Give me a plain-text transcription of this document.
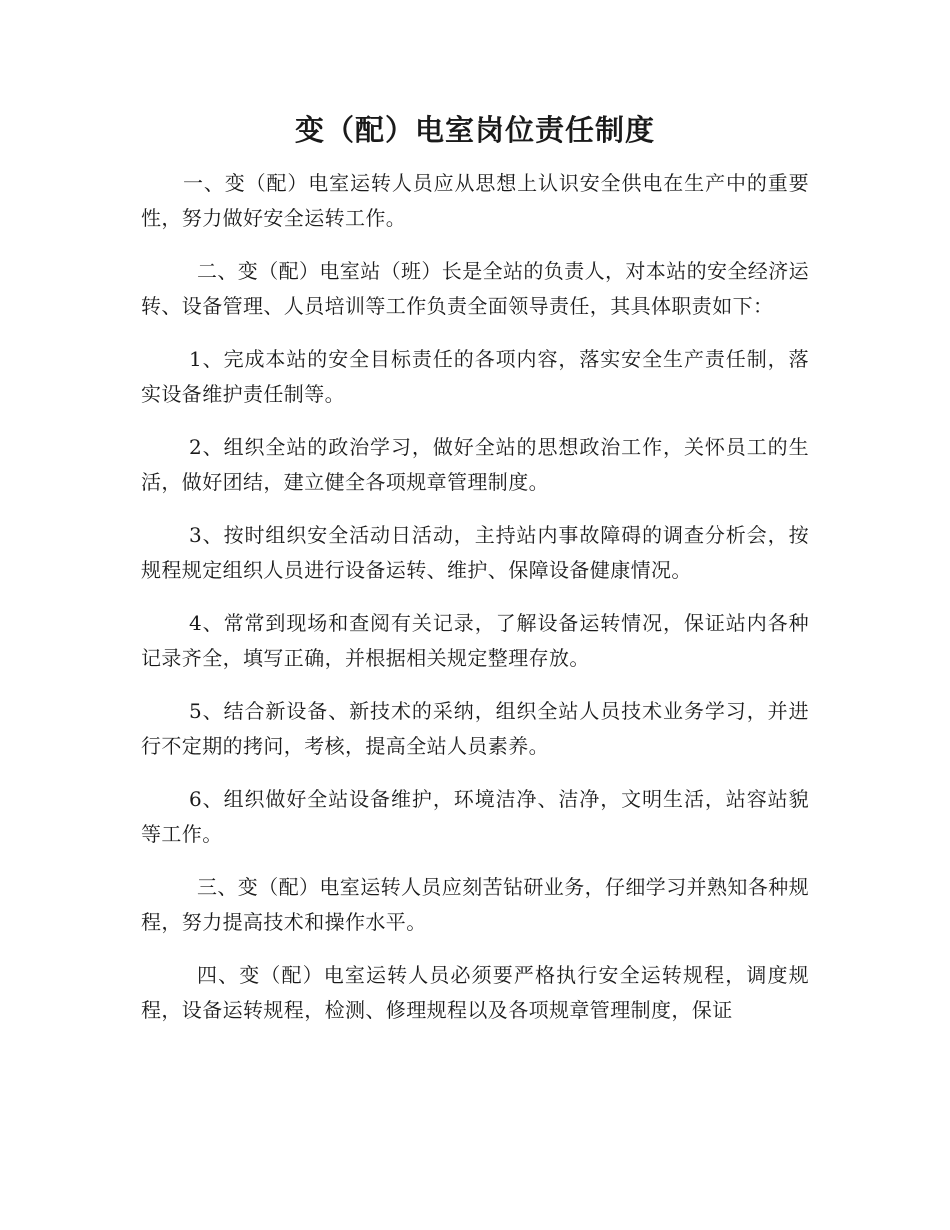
变（配）电室岗位责任制度

一、变（配）电室运转人员应从思想上认识安全供电在生产中的重要性，努力做好安全运转工作。

二、变（配）电室站（班）长是全站的负责人，对本站的安全经济运转、设备管理、人员培训等工作负责全面领导责任，其具体职责如下：

1、完成本站的安全目标责任的各项内容，落实安全生产责任制，落实设备维护责任制等。

2、组织全站的政治学习，做好全站的思想政治工作，关怀员工的生活，做好团结，建立健全各项规章管理制度。

3、按时组织安全活动日活动，主持站内事故障碍的调查分析会，按规程规定组织人员进行设备运转、维护、保障设备健康情况。

4、常常到现场和查阅有关记录，了解设备运转情况，保证站内各种记录齐全，填写正确，并根据相关规定整理存放。

5、结合新设备、新技术的采纳，组织全站人员技术业务学习，并进行不定期的拷问，考核，提高全站人员素养。

6、组织做好全站设备维护，环境洁净、洁净，文明生活，站容站貌等工作。

三、变（配）电室运转人员应刻苦钻研业务，仔细学习并熟知各种规程，努力提高技术和操作水平。

四、变（配）电室运转人员必须要严格执行安全运转规程，调度规程，设备运转规程，检测、修理规程以及各项规章管理制度，保证
